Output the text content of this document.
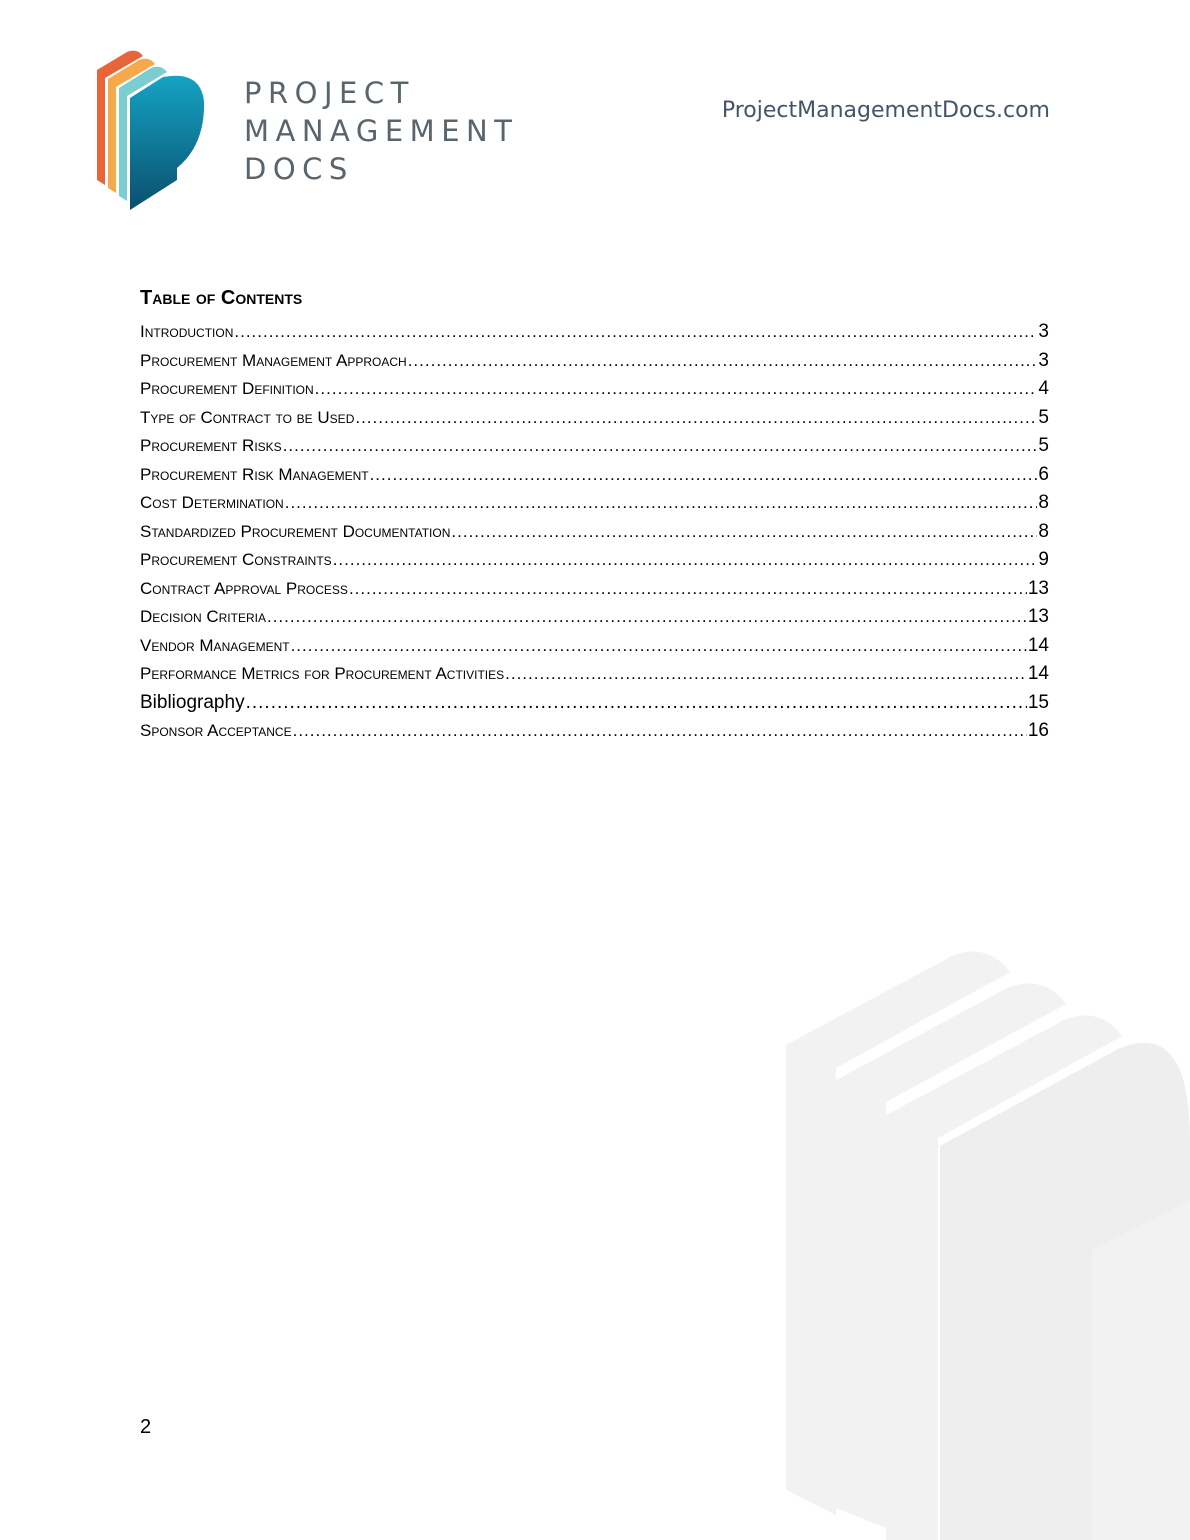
PROJECT
MANAGEMENT
DOCS
ProjectManagementDocs.com
Table of Contents
Introduction .....	3
Procurement Management Approach .....	3
Procurement Definition .....	4
Type of Contract to be Used .....	5
Procurement Risks .....	5
Procurement Risk Management .....	6
Cost Determination .....	8
Standardized Procurement Documentation .....	8
Procurement Constraints .....	9
Contract Approval Process .....	13
Decision Criteria .....	13
Vendor Management .....	14
Performance Metrics for Procurement Activities .....	14
Bibliography .....	15
Sponsor Acceptance .....	16
2
